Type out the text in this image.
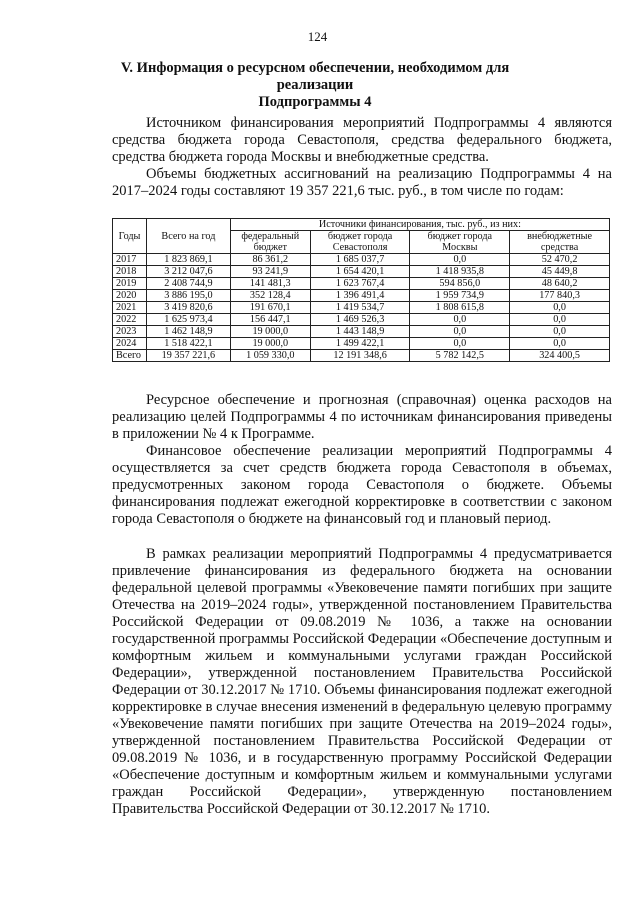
124
V. Информация о ресурсном обеспечении, необходимом для реализации
Подпрограммы 4
Источником финансирования мероприятий Подпрограммы 4 являются средства бюджета города Севастополя, средства федерального бюджета, средства бюджета города Москвы и внебюджетные средства.
Объемы бюджетных ассигнований на реализацию Подпрограммы 4 на 2017–2024 годы составляют 19 357 221,6 тыс. руб., в том числе по годам:
Годы	Всего на год	Источники финансирования, тыс. руб., из них:			
		федеральный бюджет	бюджет города Севастополя	бюджет города Москвы	внебюджетные средства
2017	1 823 869,1	86 361,2	1 685 037,7	0,0	52 470,2
2018	3 212 047,6	93 241,9	1 654 420,1	1 418 935,8	45 449,8
2019	2 408 744,9	141 481,3	1 623 767,4	594 856,0	48 640,2
2020	3 886 195,0	352 128,4	1 396 491,4	1 959 734,9	177 840,3
2021	3 419 820,6	191 670,1	1 419 534,7	1 808 615,8	0,0
2022	1 625 973,4	156 447,1	1 469 526,3	0,0	0,0
2023	1 462 148,9	19 000,0	1 443 148,9	0,0	0,0
2024	1 518 422,1	19 000,0	1 499 422,1	0,0	0,0
Всего	19 357 221,6	1 059 330,0	12 191 348,6	5 782 142,5	324 400,5
Ресурсное обеспечение и прогнозная (справочная) оценка расходов на реализацию целей Подпрограммы 4 по источникам финансирования приведены в приложении № 4 к Программе.
Финансовое обеспечение реализации мероприятий Подпрограммы 4 осуществляется за счет средств бюджета города Севастополя в объемах, предусмотренных законом города Севастополя о бюджете. Объемы финансирования подлежат ежегодной корректировке в соответствии с законом города Севастополя о бюджете на финансовый год и плановый период.
В рамках реализации мероприятий Подпрограммы 4 предусматривается привлечение финансирования из федерального бюджета на основании федеральной целевой программы «Увековечение памяти погибших при защите Отечества на 2019–2024 годы», утвержденной постановлением Правительства Российской Федерации от 09.08.2019 № 1036, а также на основании государственной программы Российской Федерации «Обеспечение доступным и комфортным жильем и коммунальными услугами граждан Российской Федерации», утвержденной постановлением Правительства Российской Федерации от 30.12.2017 № 1710. Объемы финансирования подлежат ежегодной корректировке в случае внесения изменений в федеральную целевую программу «Увековечение памяти погибших при защите Отечества на 2019–2024 годы», утвержденной постановлением Правительства Российской Федерации от 09.08.2019 № 1036, и в государственную программу Российской Федерации «Обеспечение доступным и комфортным жильем и коммунальными услугами граждан Российской Федерации», утвержденную постановлением Правительства Российской Федерации от 30.12.2017 № 1710.
